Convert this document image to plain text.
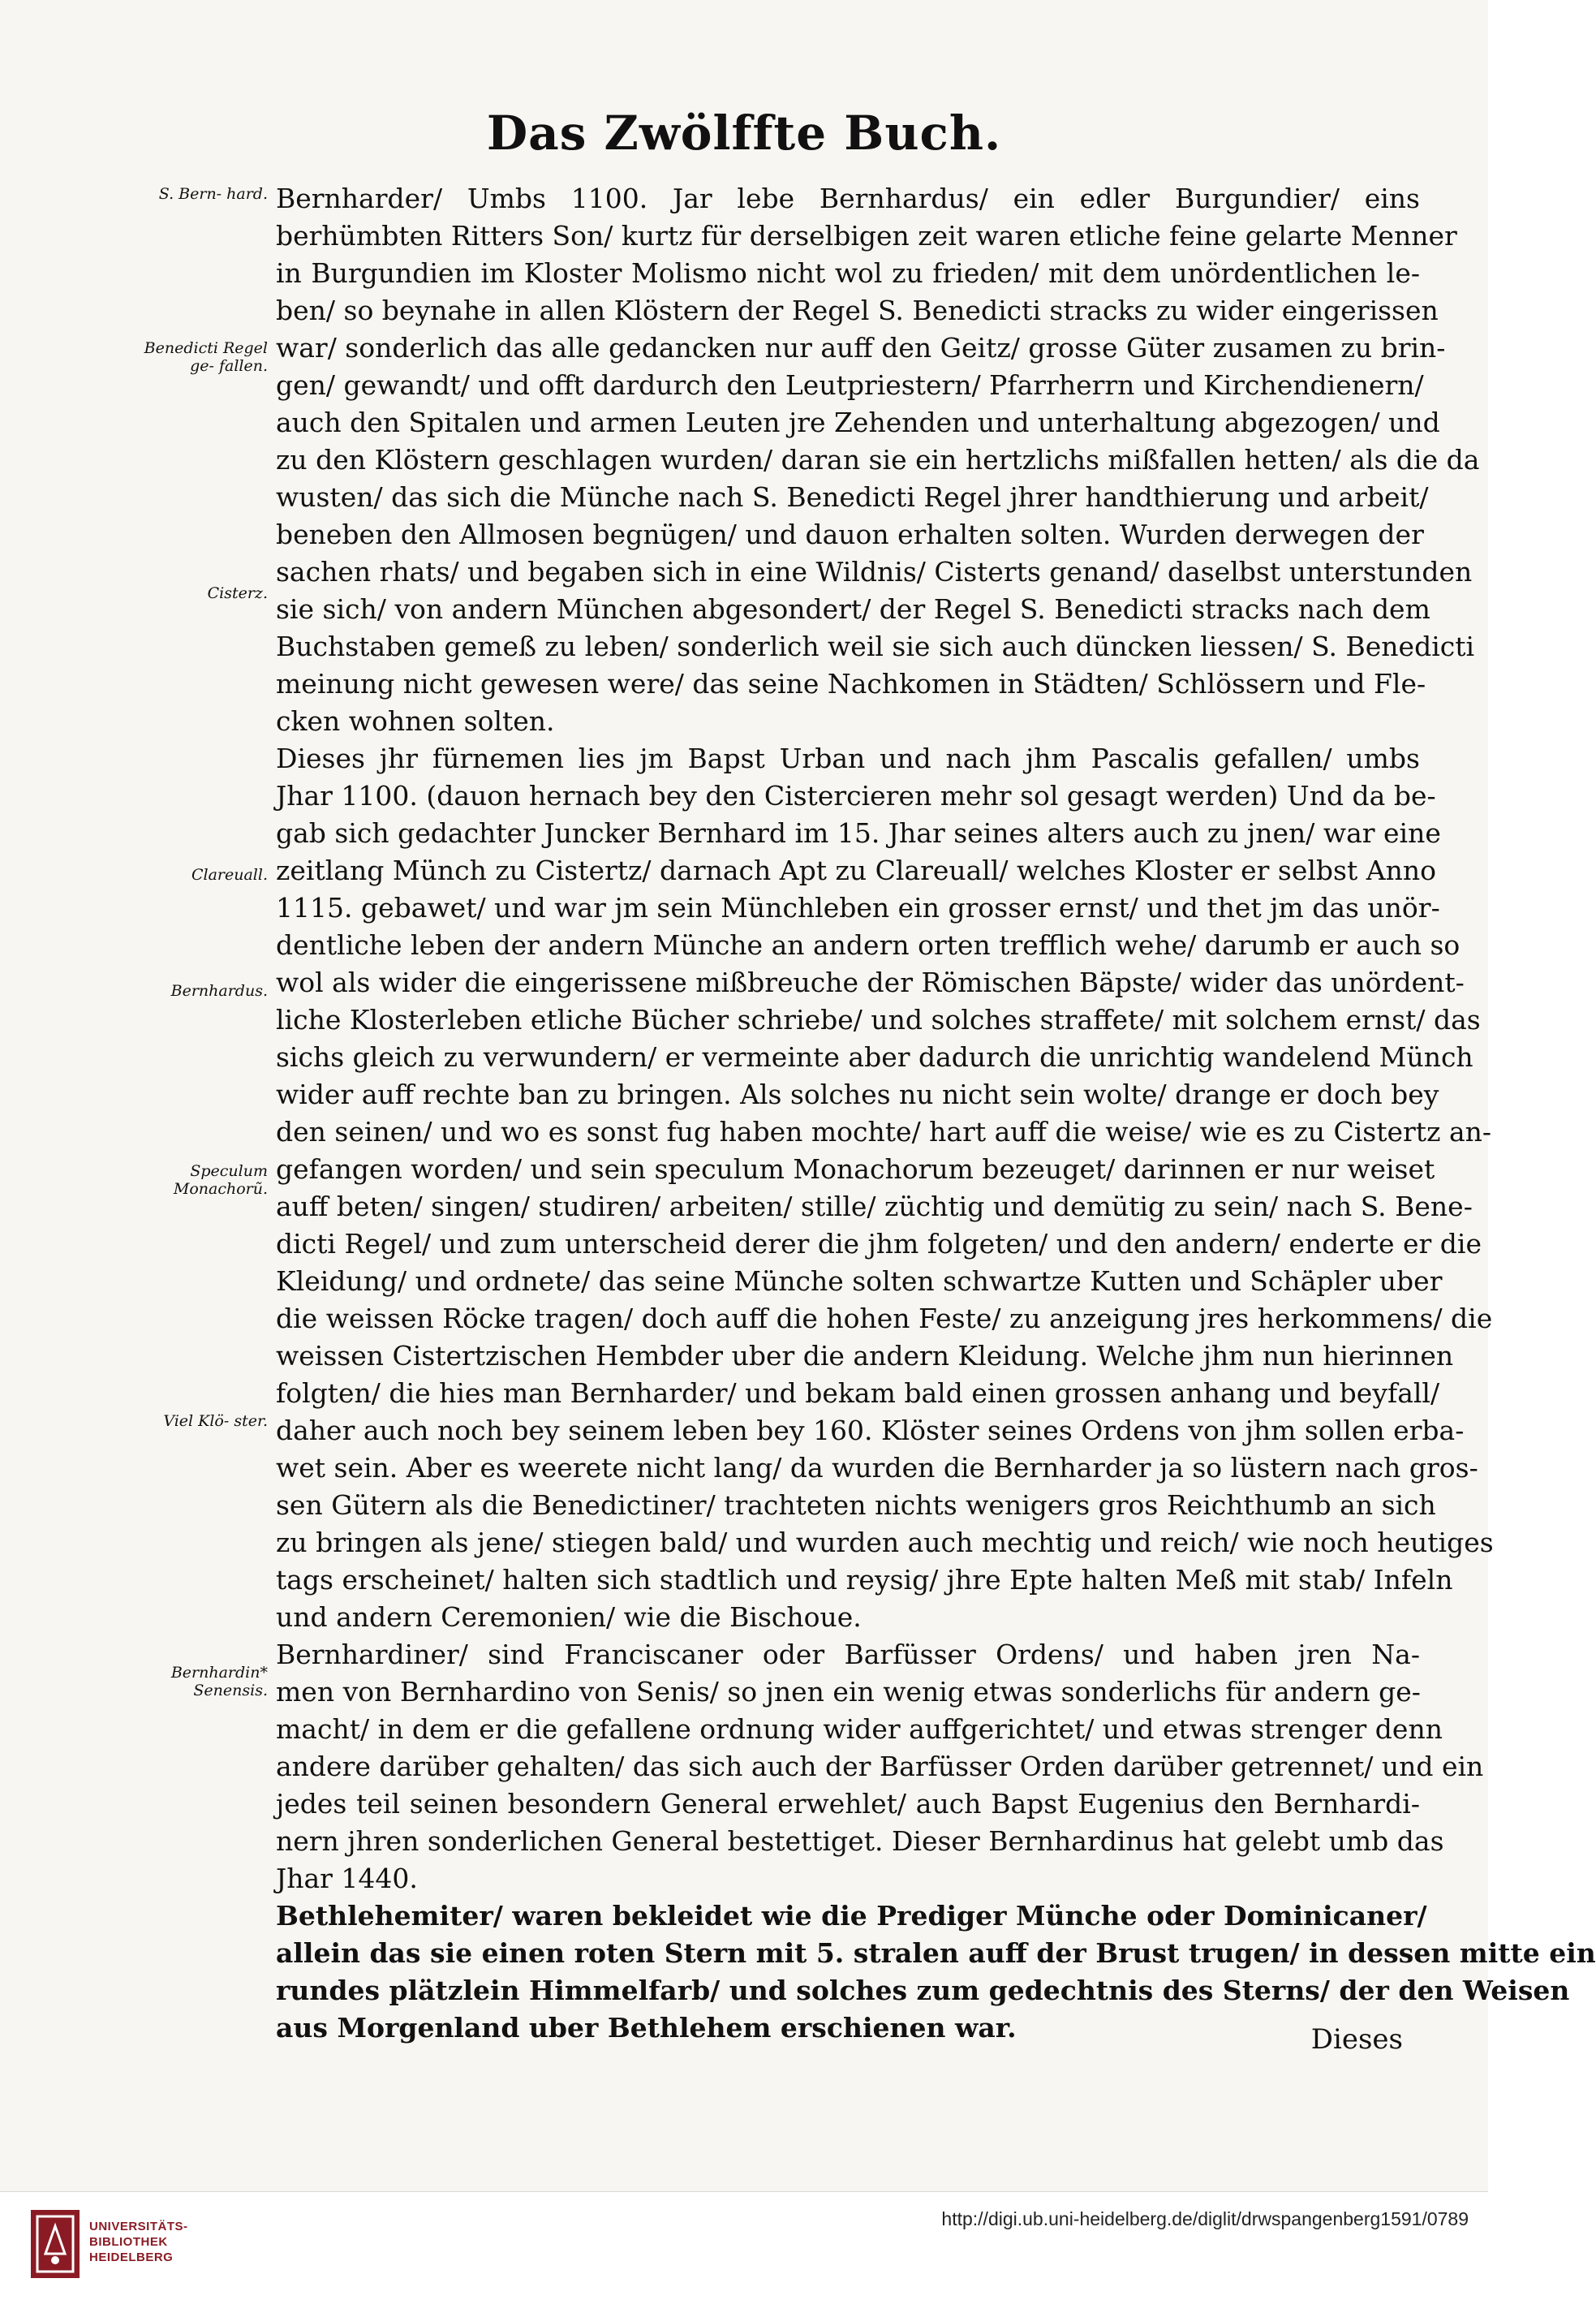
Das Zwölffte Buch.
S. Bern- hard.
Benedicti Regel ge- fallen.
Cisterz.
Clareuall.
Bernhardus.
Speculum Monachorũ.
Viel Klö- ster.
Bernhardin* Senensis.
Bernharder/ Umbs 1100. Jar lebe Bernhardus/ ein edler Burgundier/ eins
berhümbten Ritters Son/ kurtz für derselbigen zeit waren etliche feine gelarte Menner
in Burgundien im Kloster Molismo nicht wol zu frieden/ mit dem unördentlichen le-
ben/ so beynahe in allen Klöstern der Regel S. Benedicti stracks zu wider eingerissen
war/ sonderlich das alle gedancken nur auff den Geitz/ grosse Güter zusamen zu brin-
gen/ gewandt/ und offt dardurch den Leutpriestern/ Pfarrherrn und Kirchendienern/
auch den Spitalen und armen Leuten jre Zehenden und unterhaltung abgezogen/ und
zu den Klöstern geschlagen wurden/ daran sie ein hertzlichs mißfallen hetten/ als die da
wusten/ das sich die Münche nach S. Benedicti Regel jhrer handthierung und arbeit/
beneben den Allmosen begnügen/ und dauon erhalten solten. Wurden derwegen der
sachen rhats/ und begaben sich in eine Wildnis/ Cisterts genand/ daselbst unterstunden
sie sich/ von andern München abgesondert/ der Regel S. Benedicti stracks nach dem
Buchstaben gemeß zu leben/ sonderlich weil sie sich auch düncken liessen/ S. Benedicti
meinung nicht gewesen were/ das seine Nachkomen in Städten/ Schlössern und Fle-
cken wohnen solten.
Dieses jhr fürnemen lies jm Bapst Urban und nach jhm Pascalis gefallen/ umbs
Jhar 1100. (dauon hernach bey den Cistercieren mehr sol gesagt werden) Und da be-
gab sich gedachter Juncker Bernhard im 15. Jhar seines alters auch zu jnen/ war eine
zeitlang Münch zu Cistertz/ darnach Apt zu Clareuall/ welches Kloster er selbst Anno
1115. gebawet/ und war jm sein Münchleben ein grosser ernst/ und thet jm das unör-
dentliche leben der andern Münche an andern orten trefflich wehe/ darumb er auch so
wol als wider die eingerissene mißbreuche der Römischen Bäpste/ wider das unördent-
liche Klosterleben etliche Bücher schriebe/ und solches straffete/ mit solchem ernst/ das
sichs gleich zu verwundern/ er vermeinte aber dadurch die unrichtig wandelend Münch
wider auff rechte ban zu bringen. Als solches nu nicht sein wolte/ drange er doch bey
den seinen/ und wo es sonst fug haben mochte/ hart auff die weise/ wie es zu Cistertz an-
gefangen worden/ und sein speculum Monachorum bezeuget/ darinnen er nur weiset
auff beten/ singen/ studiren/ arbeiten/ stille/ züchtig und demütig zu sein/ nach S. Bene-
dicti Regel/ und zum unterscheid derer die jhm folgeten/ und den andern/ enderte er die
Kleidung/ und ordnete/ das seine Münche solten schwartze Kutten und Schäpler uber
die weissen Röcke tragen/ doch auff die hohen Feste/ zu anzeigung jres herkommens/ die
weissen Cistertzischen Hembder uber die andern Kleidung. Welche jhm nun hierinnen
folgten/ die hies man Bernharder/ und bekam bald einen grossen anhang und beyfall/
daher auch noch bey seinem leben bey 160. Klöster seines Ordens von jhm sollen erba-
wet sein. Aber es weerete nicht lang/ da wurden die Bernharder ja so lüstern nach gros-
sen Gütern als die Benedictiner/ trachteten nichts wenigers gros Reichthumb an sich
zu bringen als jene/ stiegen bald/ und wurden auch mechtig und reich/ wie noch heutiges
tags erscheinet/ halten sich stadtlich und reysig/ jhre Epte halten Meß mit stab/ Infeln
und andern Ceremonien/ wie die Bischoue.
Bernhardiner/ sind Franciscaner oder Barfüsser Ordens/ und haben jren Na-
men von Bernhardino von Senis/ so jnen ein wenig etwas sonderlichs für andern ge-
macht/ in dem er die gefallene ordnung wider auffgerichtet/ und etwas strenger denn
andere darüber gehalten/ das sich auch der Barfüsser Orden darüber getrennet/ und ein
jedes teil seinen besondern General erwehlet/ auch Bapst Eugenius den Bernhardi-
nern jhren sonderlichen General bestettiget. Dieser Bernhardinus hat gelebt umb das
Jhar 1440.
Bethlehemiter/ waren bekleidet wie die Prediger Münche oder Dominicaner/
allein das sie einen roten Stern mit 5. stralen auff der Brust trugen/ in dessen mitte ein
rundes plätzlein Himmelfarb/ und solches zum gedechtnis des Sterns/ der den Weisen
aus Morgenland uber Bethlehem erschienen war.	Dieses
UNIVERSITÄTS-
BIBLIOTHEK
HEIDELBERG
http://digi.ub.uni-heidelberg.de/diglit/drwspangenberg1591/0789
